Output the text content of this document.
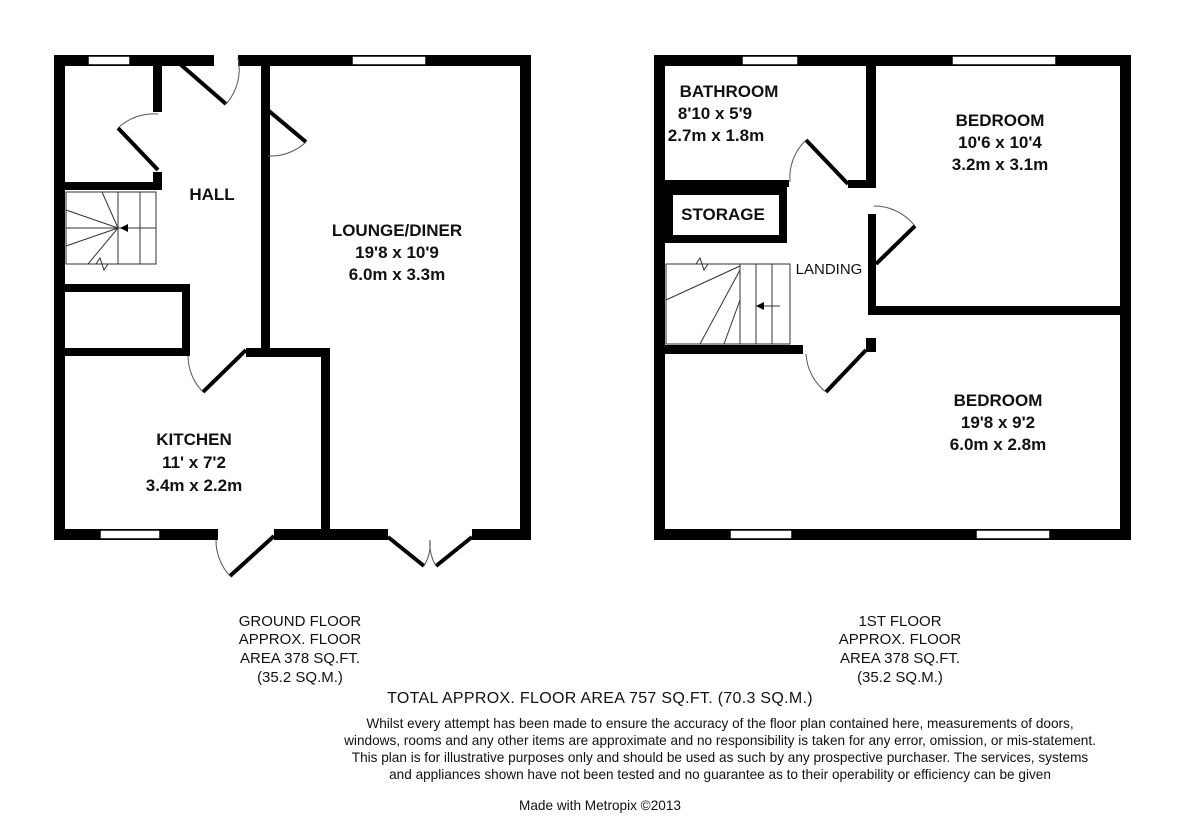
HALL
LOUNGE/DINER
19'8 x 10'9
6.0m x 3.3m
KITCHEN
11' x 7'2
3.4m x 2.2m
BATHROOM
8'10 x 5'9
2.7m x 1.8m
STORAGE
LANDING
BEDROOM
10'6 x 10'4
3.2m x 3.1m
BEDROOM
19'8 x 9'2
6.0m x 2.8m
GROUND FLOOR
APPROX. FLOOR
AREA 378 SQ.FT.
(35.2 SQ.M.)
1ST FLOOR
APPROX. FLOOR
AREA 378 SQ.FT.
(35.2 SQ.M.)
TOTAL APPROX. FLOOR AREA 757 SQ.FT. (70.3 SQ.M.)
Whilst every attempt has been made to ensure the accuracy of the floor plan contained here, measurements of doors, windows, rooms and any other items are approximate and no responsibility is taken for any error, omission, or mis-statement. This plan is for illustrative purposes only and should be used as such by any prospective purchaser. The services, systems and appliances shown have not been tested and no guarantee as to their operability or efficiency can be given
Made with Metropix ©2013
